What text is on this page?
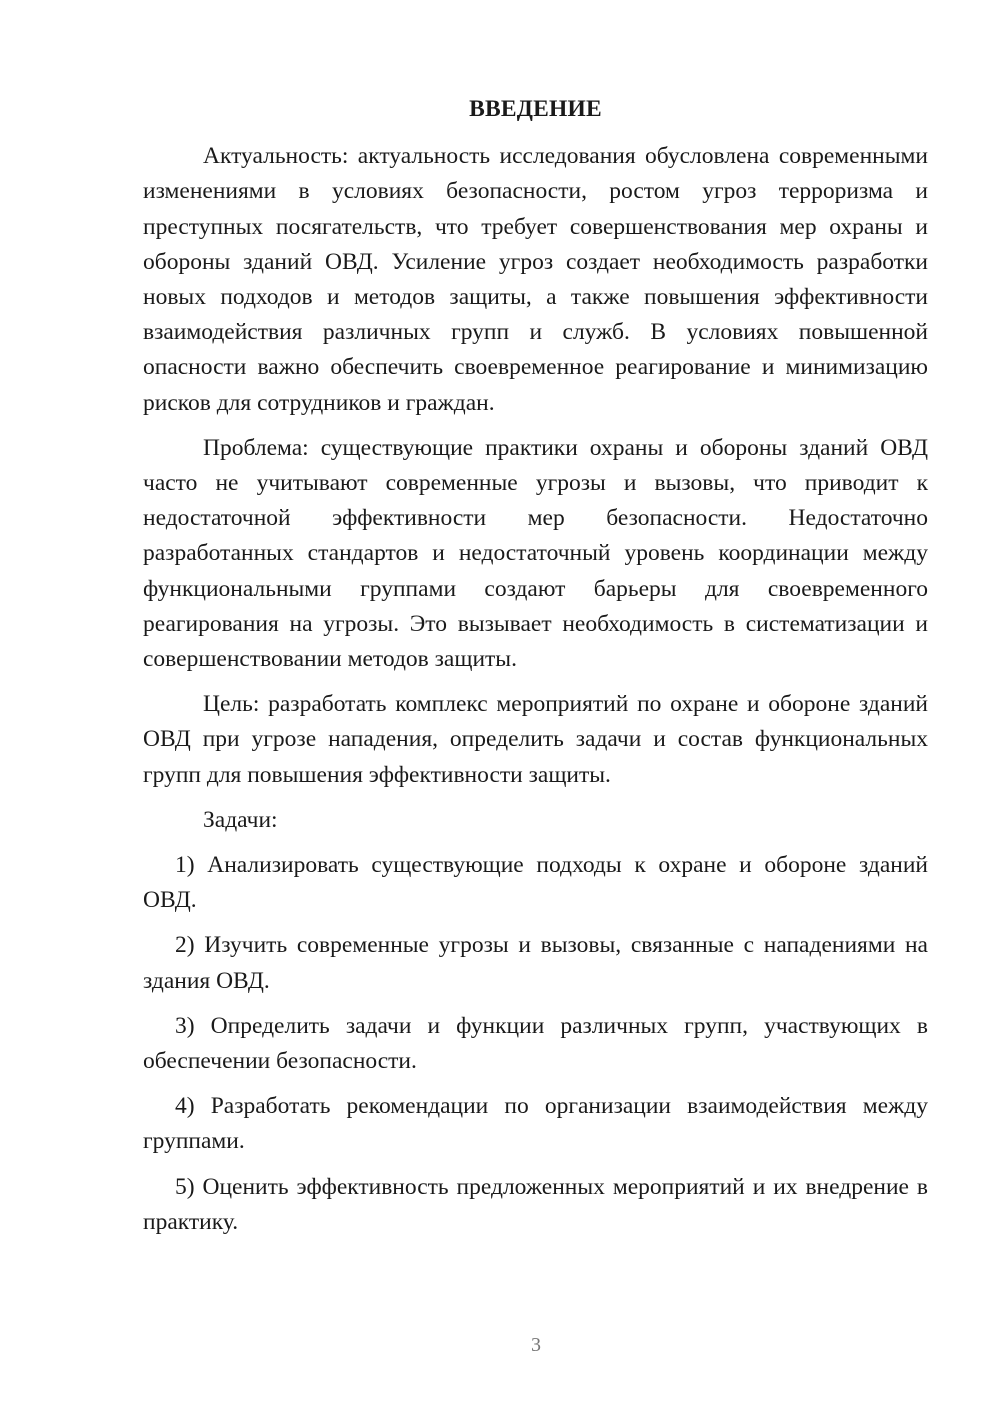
ВВЕДЕНИЕ

Актуальность: актуальность исследования обусловлена современными изменениями в условиях безопасности, ростом угроз терроризма и преступных посягательств, что требует совершенствования мер охраны и обороны зданий ОВД. Усиление угроз создает необходимость разработки новых подходов и методов защиты, а также повышения эффективности взаимодействия различных групп и служб. В условиях повышенной опасности важно обеспечить своевременное реагирование и минимизацию рисков для сотрудников и граждан.

Проблема: существующие практики охраны и обороны зданий ОВД часто не учитывают современные угрозы и вызовы, что приводит к недостаточной эффективности мер безопасности. Недостаточно разработанных стандартов и недостаточный уровень координации между функциональными группами создают барьеры для своевременного реагирования на угрозы. Это вызывает необходимость в систематизации и совершенствовании методов защиты.

Цель: разработать комплекс мероприятий по охране и обороне зданий ОВД при угрозе нападения, определить задачи и состав функциональных групп для повышения эффективности защиты.

Задачи:

1) Анализировать существующие подходы к охране и обороне зданий ОВД.

2) Изучить современные угрозы и вызовы, связанные с нападениями на здания ОВД.

3) Определить задачи и функции различных групп, участвующих в обеспечении безопасности.

4) Разработать рекомендации по организации взаимодействия между группами.

5) Оценить эффективность предложенных мероприятий и их внедрение в практику.

3
